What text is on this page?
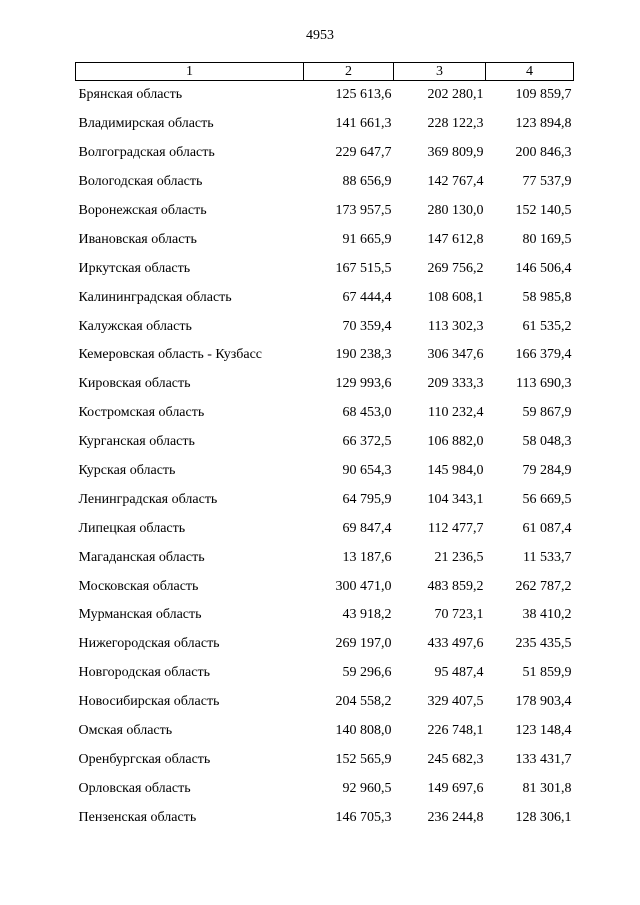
4953
1	2	3	4
Брянская область	125 613,6	202 280,1	109 859,7
Владимирская область	141 661,3	228 122,3	123 894,8
Волгоградская область	229 647,7	369 809,9	200 846,3
Вологодская область	88 656,9	142 767,4	77 537,9
Воронежская область	173 957,5	280 130,0	152 140,5
Ивановская область	91 665,9	147 612,8	80 169,5
Иркутская область	167 515,5	269 756,2	146 506,4
Калининградская область	67 444,4	108 608,1	58 985,8
Калужская область	70 359,4	113 302,3	61 535,2
Кемеровская область - Кузбасс	190 238,3	306 347,6	166 379,4
Кировская область	129 993,6	209 333,3	113 690,3
Костромская область	68 453,0	110 232,4	59 867,9
Курганская область	66 372,5	106 882,0	58 048,3
Курская область	90 654,3	145 984,0	79 284,9
Ленинградская область	64 795,9	104 343,1	56 669,5
Липецкая область	69 847,4	112 477,7	61 087,4
Магаданская область	13 187,6	21 236,5	11 533,7
Московская область	300 471,0	483 859,2	262 787,2
Мурманская область	43 918,2	70 723,1	38 410,2
Нижегородская область	269 197,0	433 497,6	235 435,5
Новгородская область	59 296,6	95 487,4	51 859,9
Новосибирская область	204 558,2	329 407,5	178 903,4
Омская область	140 808,0	226 748,1	123 148,4
Оренбургская область	152 565,9	245 682,3	133 431,7
Орловская область	92 960,5	149 697,6	81 301,8
Пензенская область	146 705,3	236 244,8	128 306,1
